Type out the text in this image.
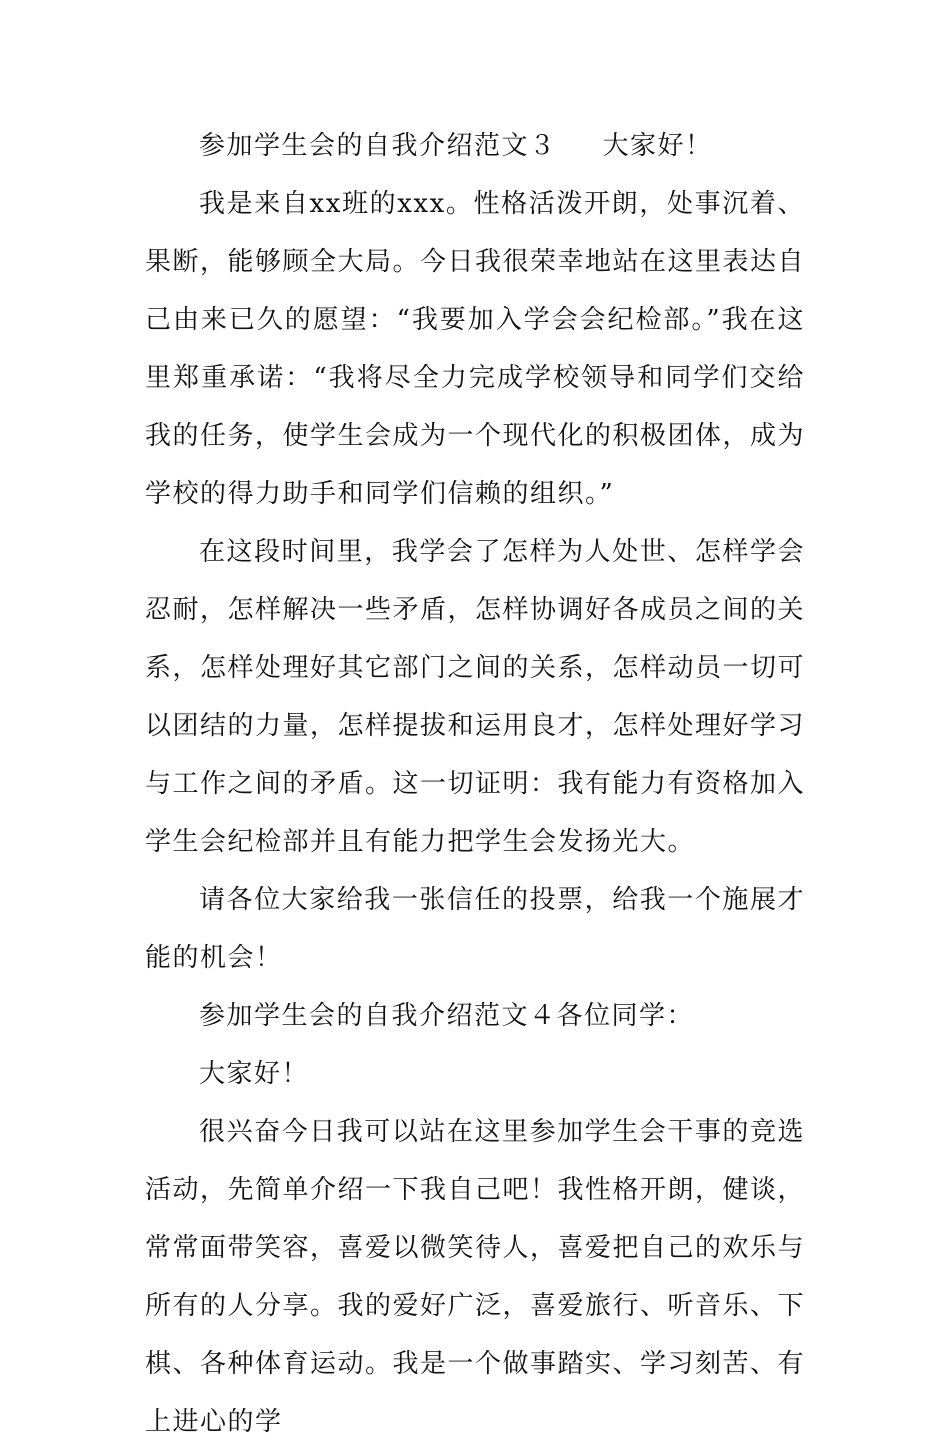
参加学生会的自我介绍范文３ 大家好！

我是来自xx班的xxx。性格活泼开朗，处事沉着、果断，能够顾全大局。今日我很荣幸地站在这里表达自己由来已久的愿望：“我要加入学会会纪检部。”我在这里郑重承诺：“我将尽全力完成学校领导和同学们交给我的任务，使学生会成为一个现代化的积极团体，成为学校的得力助手和同学们信赖的组织。”

在这段时间里，我学会了怎样为人处世、怎样学会忍耐，怎样解决一些矛盾，怎样协调好各成员之间的关系，怎样处理好其它部门之间的关系，怎样动员一切可以团结的力量，怎样提拔和运用良才，怎样处理好学习与工作之间的矛盾。这一切证明：我有能力有资格加入学生会纪检部并且有能力把学生会发扬光大。

请各位大家给我一张信任的投票，给我一个施展才能的机会！

参加学生会的自我介绍范文４各位同学：

大家好！

很兴奋今日我可以站在这里参加学生会干事的竞选活动，先简单介绍一下我自己吧！我性格开朗，健谈，常常面带笑容，喜爱以微笑待人，喜爱把自己的欢乐与所有的人分享。我的爱好广泛，喜爱旅行、听音乐、下棋、各种体育运动。我是一个做事踏实、学习刻苦、有上进心的学
